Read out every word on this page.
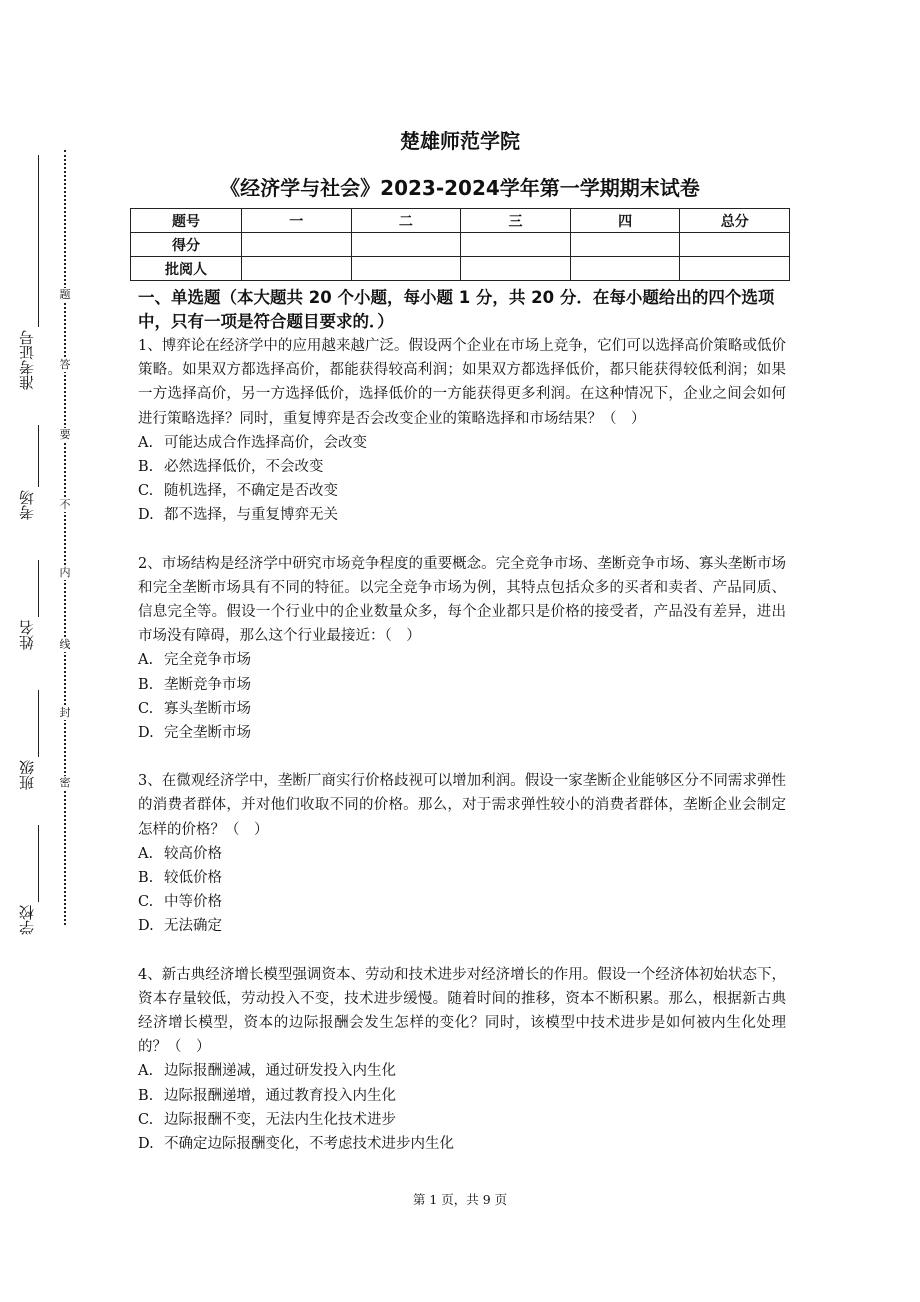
准考证号
考场
姓名
班级
学校
题
答
要
不
内
线
封
密
楚雄师范学院
《经济学与社会》2023-2024学年第一学期期末试卷
题号	一	二	三	四	总分
得分					
批阅人					
一、单选题（本大题共 20 个小题，每小题 1 分，共 20 分．在每小题给出的四个选项中，只有一项是符合题目要求的．）

1、博弈论在经济学中的应用越来越广泛。假设两个企业在市场上竞争，它们可以选择高价策略或低价策略。如果双方都选择高价，都能获得较高利润；如果双方都选择低价，都只能获得较低利润；如果一方选择高价，另一方选择低价，选择低价的一方能获得更多利润。在这种情况下，企业之间会如何进行策略选择？同时，重复博弈是否会改变企业的策略选择和市场结果？（　）

A. 可能达成合作选择高价，会改变

B. 必然选择低价，不会改变

C. 随机选择，不确定是否改变

D. 都不选择，与重复博弈无关

2、市场结构是经济学中研究市场竞争程度的重要概念。完全竞争市场、垄断竞争市场、寡头垄断市场和完全垄断市场具有不同的特征。以完全竞争市场为例，其特点包括众多的买者和卖者、产品同质、信息完全等。假设一个行业中的企业数量众多，每个企业都只是价格的接受者，产品没有差异，进出市场没有障碍，那么这个行业最接近：（　）

A. 完全竞争市场

B. 垄断竞争市场

C. 寡头垄断市场

D. 完全垄断市场

3、在微观经济学中，垄断厂商实行价格歧视可以增加利润。假设一家垄断企业能够区分不同需求弹性的消费者群体，并对他们收取不同的价格。那么，对于需求弹性较小的消费者群体，垄断企业会制定怎样的价格？（　）

A. 较高价格

B. 较低价格

C. 中等价格

D. 无法确定

4、新古典经济增长模型强调资本、劳动和技术进步对经济增长的作用。假设一个经济体初始状态下，资本存量较低，劳动投入不变，技术进步缓慢。随着时间的推移，资本不断积累。那么，根据新古典经济增长模型，资本的边际报酬会发生怎样的变化？同时，该模型中技术进步是如何被内生化处理的？（　）

A. 边际报酬递减，通过研发投入内生化

B. 边际报酬递增，通过教育投入内生化

C. 边际报酬不变，无法内生化技术进步

D. 不确定边际报酬变化，不考虑技术进步内生化

第 1 页，共 9 页
